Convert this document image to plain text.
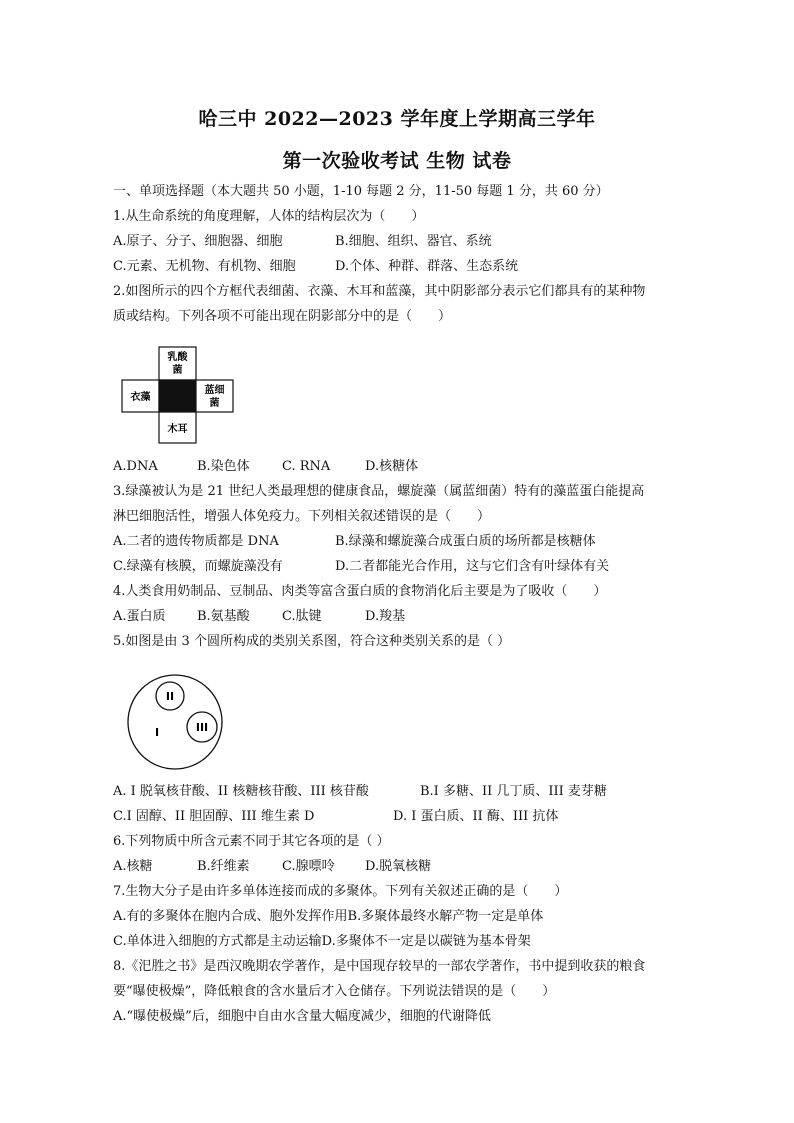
哈三中 2022—2023 学年度上学期高三学年
第一次验收考试 生物 试卷
一、单项选择题（本大题共 50 小题，1-10 每题 2 分，11-50 每题 1 分，共 60 分）
1.从生命系统的角度理解，人体的结构层次为（　　）
A.原子、分子、细胞器、细胞	B.细胞、组织、器官、系统
C.元素、无机物、有机物、细胞	D.个体、种群、群落、生态系统
2.如图所示的四个方框代表细菌、衣藻、木耳和蓝藻，其中阴影部分表示它们都具有的某种物
质或结构。下列各项不可能出现在阴影部分中的是（　　）
乳酸
菌
衣藻
蓝细
菌
木耳
A.DNA	B.染色体 C. RNA	D.核糖体
3.绿藻被认为是 21 世纪人类最理想的健康食品，螺旋藻（属蓝细菌）特有的藻蓝蛋白能提高
淋巴细胞活性，增强人体免疫力。下列相关叙述错误的是（　　）
A.二者的遗传物质都是 DNA	B.绿藻和螺旋藻合成蛋白质的场所都是核糖体
C.绿藻有核膜，而螺旋藻没有	D.二者都能光合作用，这与它们含有叶绿体有关
4.人类食用奶制品、豆制品、肉类等富含蛋白质的食物消化后主要是为了吸收（　　）
A.蛋白质 B.氨基酸 C.肽键	D.羧基
5.如图是由 3 个圆所构成的类别关系图，符合这种类别关系的是（ ）
II
III
I
A. I 脱氧核苷酸、II 核糖核苷酸、III 核苷酸	B.I 多糖、II 几丁质、III 麦芽糖
C.I 固醇、II 胆固醇、III 维生素 D	D. I 蛋白质、II 酶、III 抗体
6.下列物质中所含元素不同于其它各项的是（ ）
A.核糖	B.纤维素 C.腺嘌呤 D.脱氧核糖
7.生物大分子是由许多单体连接而成的多聚体。下列有关叙述正确的是（　　）
A.有的多聚体在胞内合成、胞外发挥作用B.多聚体最终水解产物一定是单体
C.单体进入细胞的方式都是主动运输D.多聚体不一定是以碳链为基本骨架
8.《汜胜之书》是西汉晚期农学著作，是中国现存较早的一部农学著作，书中提到收获的粮食
要“曝使极燥”，降低粮食的含水量后才入仓储存。下列说法错误的是（　　）
A.“曝使极燥”后，细胞中自由水含量大幅度减少，细胞的代谢降低
